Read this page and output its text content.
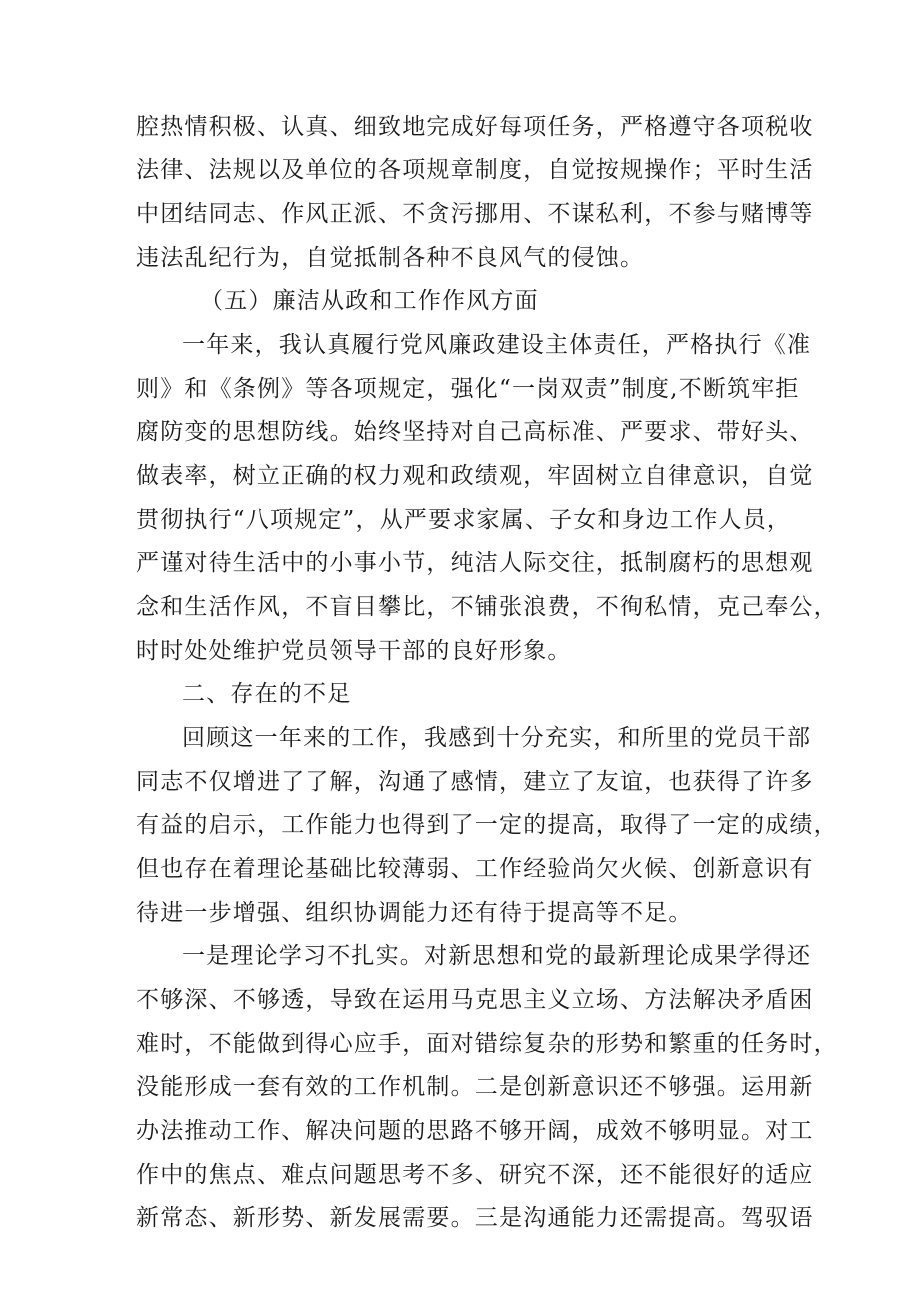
腔热情积极、认真、细致地完成好每项任务，严格遵守各项税收
法律、法规以及单位的各项规章制度，自觉按规操作；平时生活
中团结同志、作风正派、不贪污挪用、不谋私利，不参与赌博等
违法乱纪行为，自觉抵制各种不良风气的侵蚀。
（五）廉洁从政和工作作风方面
一年来，我认真履行党风廉政建设主体责任，严格执行《准
则》和《条例》等各项规定，强化“一岗双责”制度,不断筑牢拒
腐防变的思想防线。始终坚持对自己高标准、严要求、带好头、
做表率，树立正确的权力观和政绩观，牢固树立自律意识，自觉
贯彻执行“八项规定”，从严要求家属、子女和身边工作人员，
严谨对待生活中的小事小节，纯洁人际交往，抵制腐朽的思想观
念和生活作风，不盲目攀比，不铺张浪费，不徇私情，克己奉公，
时时处处维护党员领导干部的良好形象。
二、存在的不足
回顾这一年来的工作，我感到十分充实，和所里的党员干部
同志不仅增进了了解，沟通了感情，建立了友谊，也获得了许多
有益的启示，工作能力也得到了一定的提高，取得了一定的成绩，
但也存在着理论基础比较薄弱、工作经验尚欠火候、创新意识有
待进一步增强、组织协调能力还有待于提高等不足。
一是理论学习不扎实。对新思想和党的最新理论成果学得还
不够深、不够透，导致在运用马克思主义立场、方法解决矛盾困
难时，不能做到得心应手，面对错综复杂的形势和繁重的任务时，
没能形成一套有效的工作机制。二是创新意识还不够强。运用新
办法推动工作、解决问题的思路不够开阔，成效不够明显。对工
作中的焦点、难点问题思考不多、研究不深，还不能很好的适应
新常态、新形势、新发展需要。三是沟通能力还需提高。驾驭语
